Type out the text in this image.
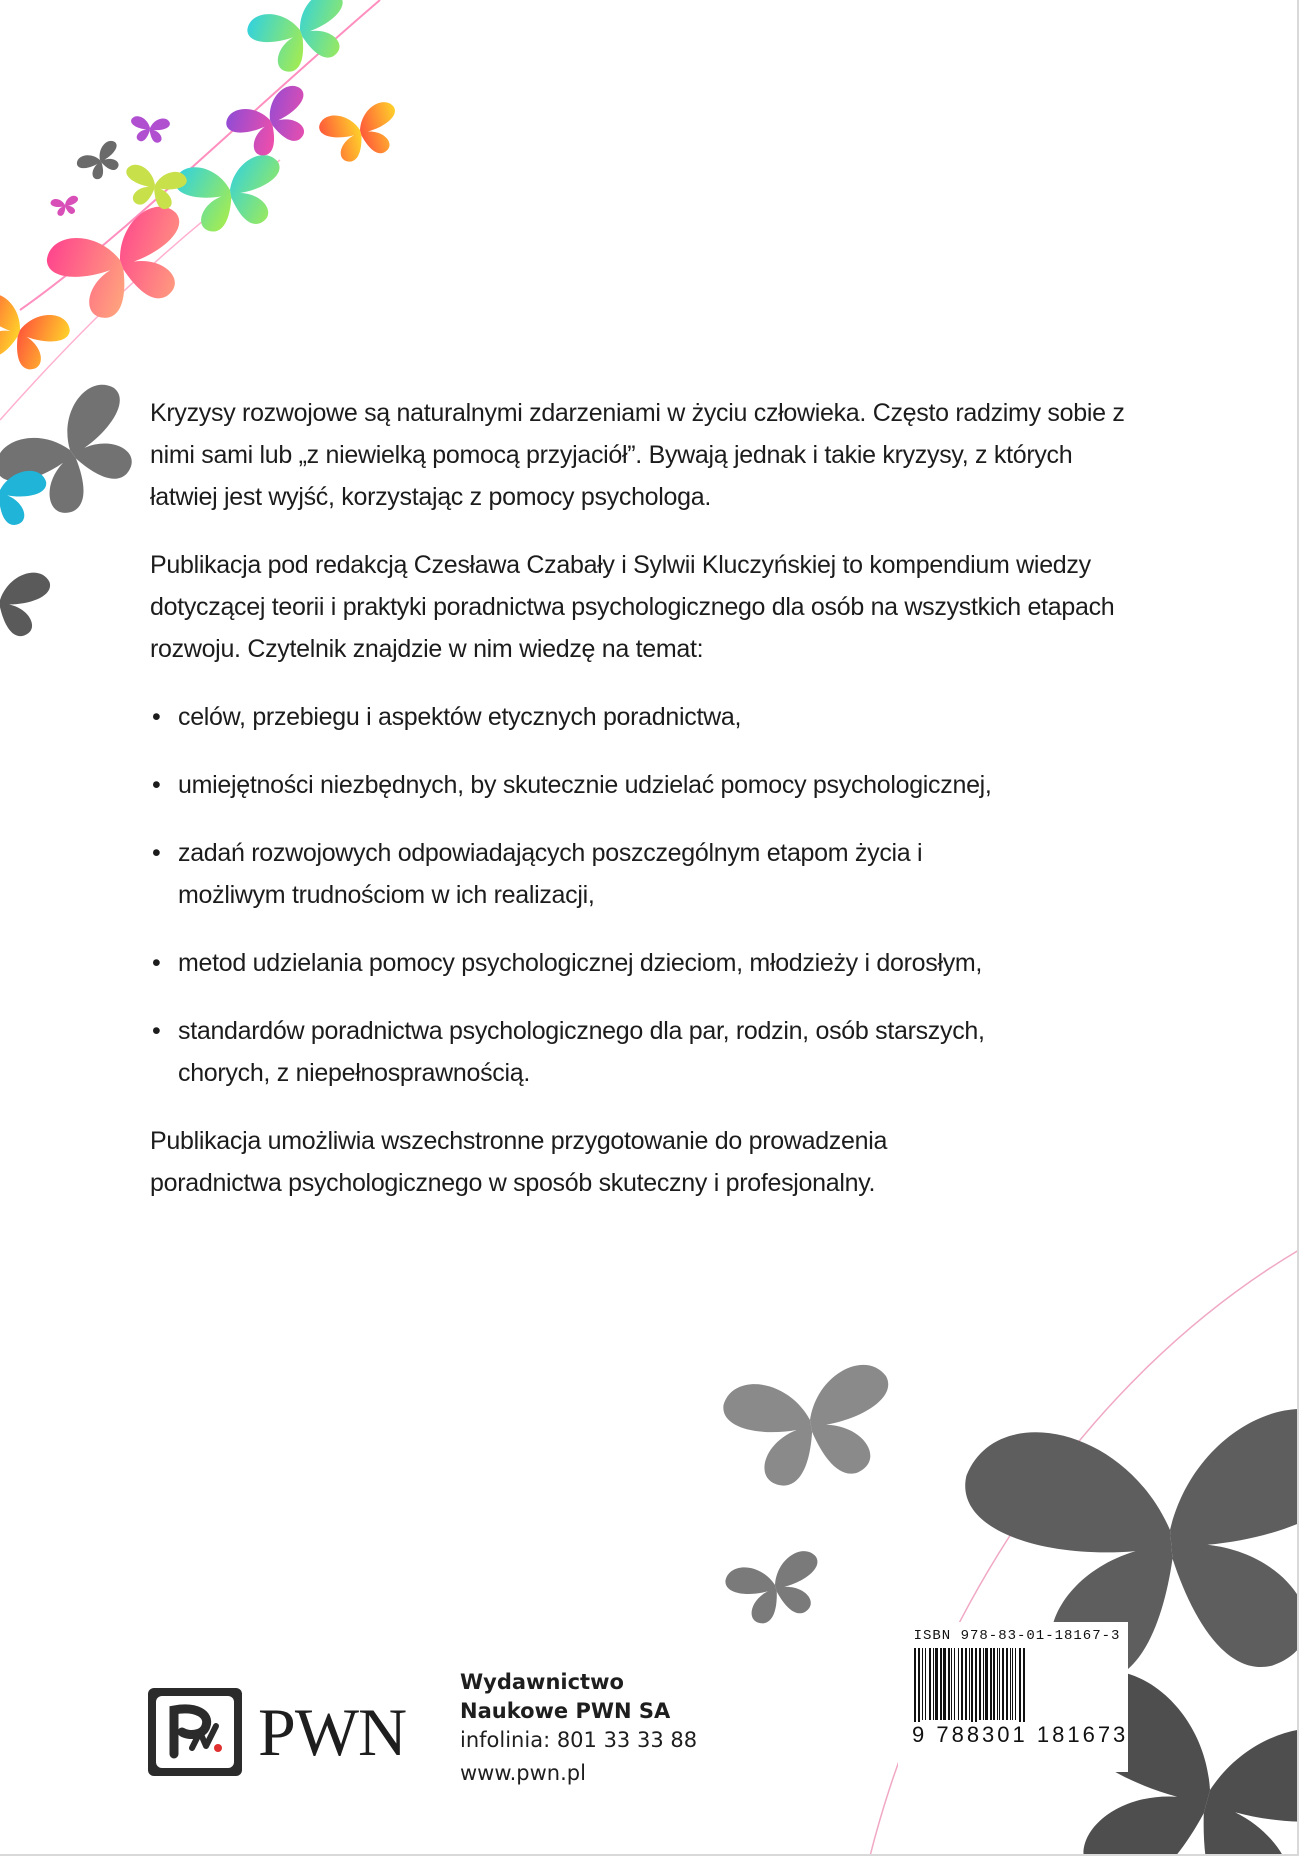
Kryzysy rozwojowe są naturalnymi zdarzeniami w życiu człowieka. Często radzimy sobie z nimi sami lub „z niewielką pomocą przyjaciół”. Bywają jednak i takie kryzysy, z których łatwiej jest wyjść, korzystając z pomocy psychologa.

Publikacja pod redakcją Czesława Czabały i Sylwii Kluczyńskiej to kompendium wiedzy dotyczącej teorii i praktyki poradnictwa psychologicznego dla osób na wszystkich etapach rozwoju. Czytelnik znajdzie w nim wiedzę na temat:

• celów, przebiegu i aspektów etycznych poradnictwa,
• umiejętności niezbędnych, by skutecznie udzielać pomocy psychologicznej,
• zadań rozwojowych odpowiadających poszczególnym etapom życia i możliwym trudnościom w ich realizacji,
• metod udzielania pomocy psychologicznej dzieciom, młodzieży i dorosłym,
• standardów poradnictwa psychologicznego dla par, rodzin, osób starszych, chorych, z niepełnosprawnością.

Publikacja umożliwia wszechstronne przygotowanie do prowadzenia poradnictwa psychologicznego w sposób skuteczny i profesjonalny.

PWN
Wydawnictwo
Naukowe PWN SA
infolinia: 801 33 33 88
www.pwn.pl
ISBN 978-83-01-18167-3
9 788301 181673
